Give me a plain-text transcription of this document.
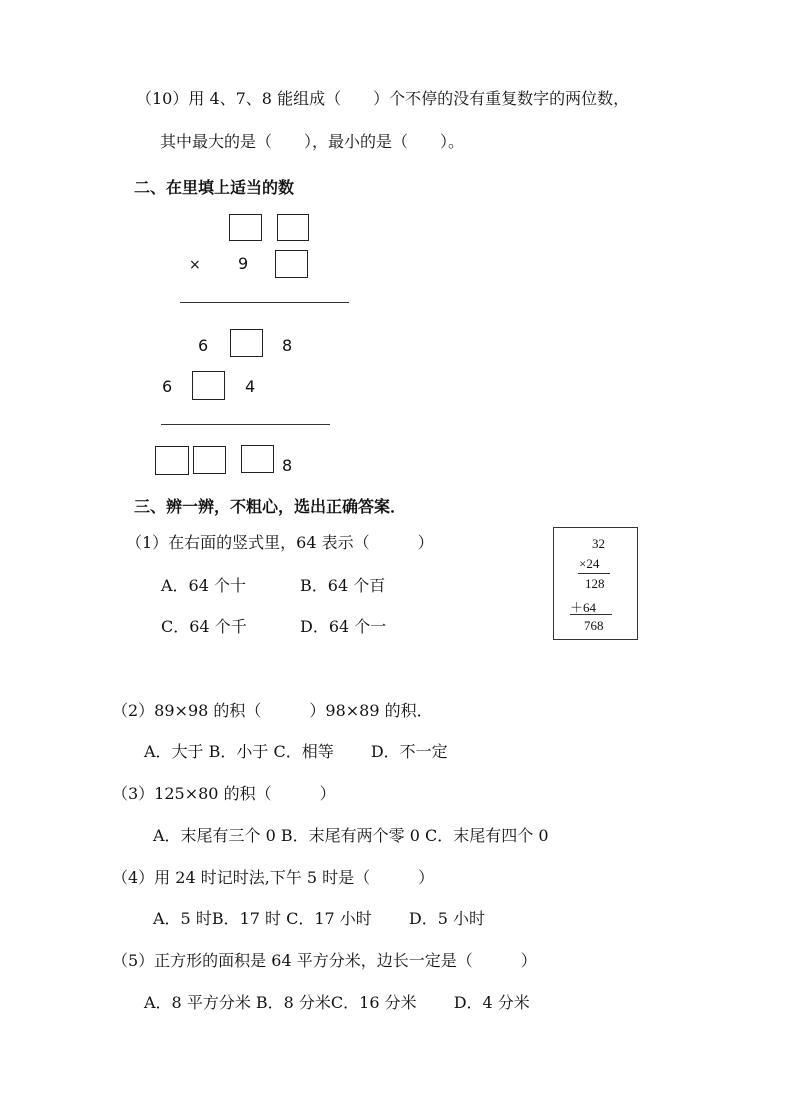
（10）用 4、7、8 能组成（　　）个不停的没有重复数字的两位数，
其中最大的是（　　），最小的是（　　）。
二、在里填上适当的数
× 9
6	8
6	4
8
三、辨一辨，不粗心，选出正确答案．
（1）在右面的竖式里，64 表示（　　　）
A．64 个十	B．64 个百
C．64 个千	D．64 个一
32
×24
128
＋64
768
（2）89×98 的积（　　　）98×89 的积．
A．大于 B．小于 C．相等　　 D．不一定
（3）125×80 的积（　　　）
A．末尾有三个 0 B．末尾有两个零 0 C．末尾有四个 0
（4）用 24 时记时法,下午 5 时是（　　　）
A．5 时B．17 时 C．17 小时　　 D．5 小时
（5）正方形的面积是 64 平方分米，边长一定是（　　　）
A．8 平方分米 B．8 分米C．16 分米　　 D．4 分米
